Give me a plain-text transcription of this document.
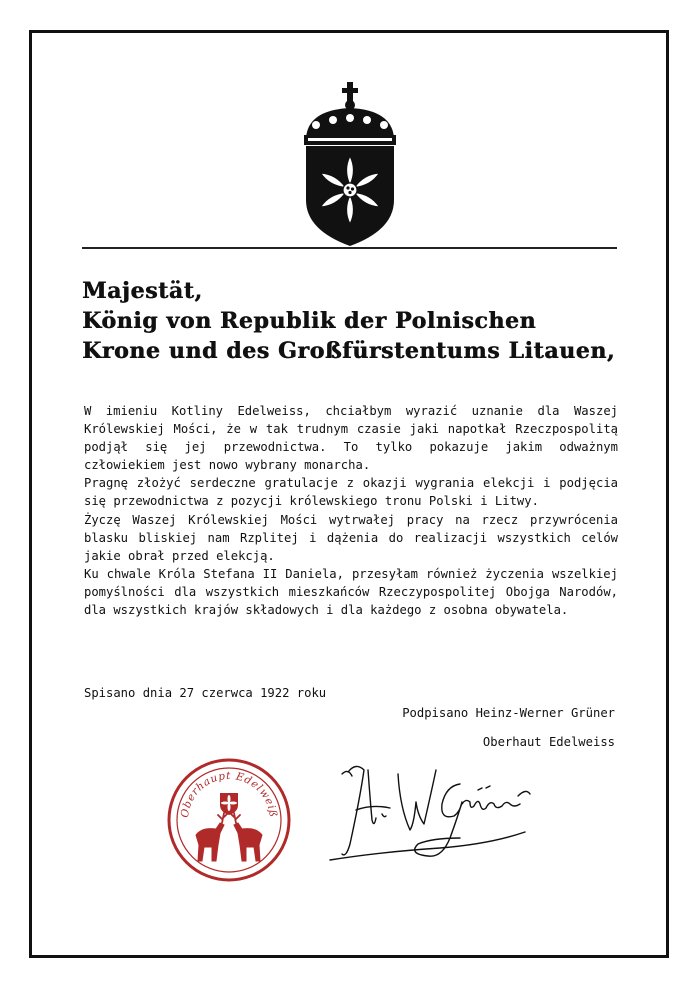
Majestät,
König von Republik der Polnischen
Krone und des Großfürstentums Litauen,

W imieniu Kotliny Edelweiss, chciałbym wyrazić uznanie dla Waszej Królewskiej Mości, że w tak trudnym czasie jaki napotkał Rzeczpospolitą podjął się jej przewodnictwa. To tylko pokazuje jakim odważnym człowiekiem jest nowo wybrany monarcha.

Pragnę złożyć serdeczne gratulacje z okazji wygrania elekcji i podjęcia się przewodnictwa z pozycji królewskiego tronu Polski i Litwy.

Życzę Waszej Królewskiej Mości wytrwałej pracy na rzecz przywrócenia blasku bliskiej nam Rzplitej i dążenia do realizacji wszystkich celów jakie obrał przed elekcją.

Ku chwale Króla Stefana II Daniela, przesyłam również życzenia wszelkiej pomyślności dla wszystkich mieszkańców Rzeczypospolitej Obojga Narodów, dla wszystkich krajów składowych i dla każdego z osobna obywatela.

Spisano dnia 27 czerwca 1922 roku
Podpisano Heinz-Werner Grüner
Oberhaut Edelweiss
Oberhaupt Edelweiß
